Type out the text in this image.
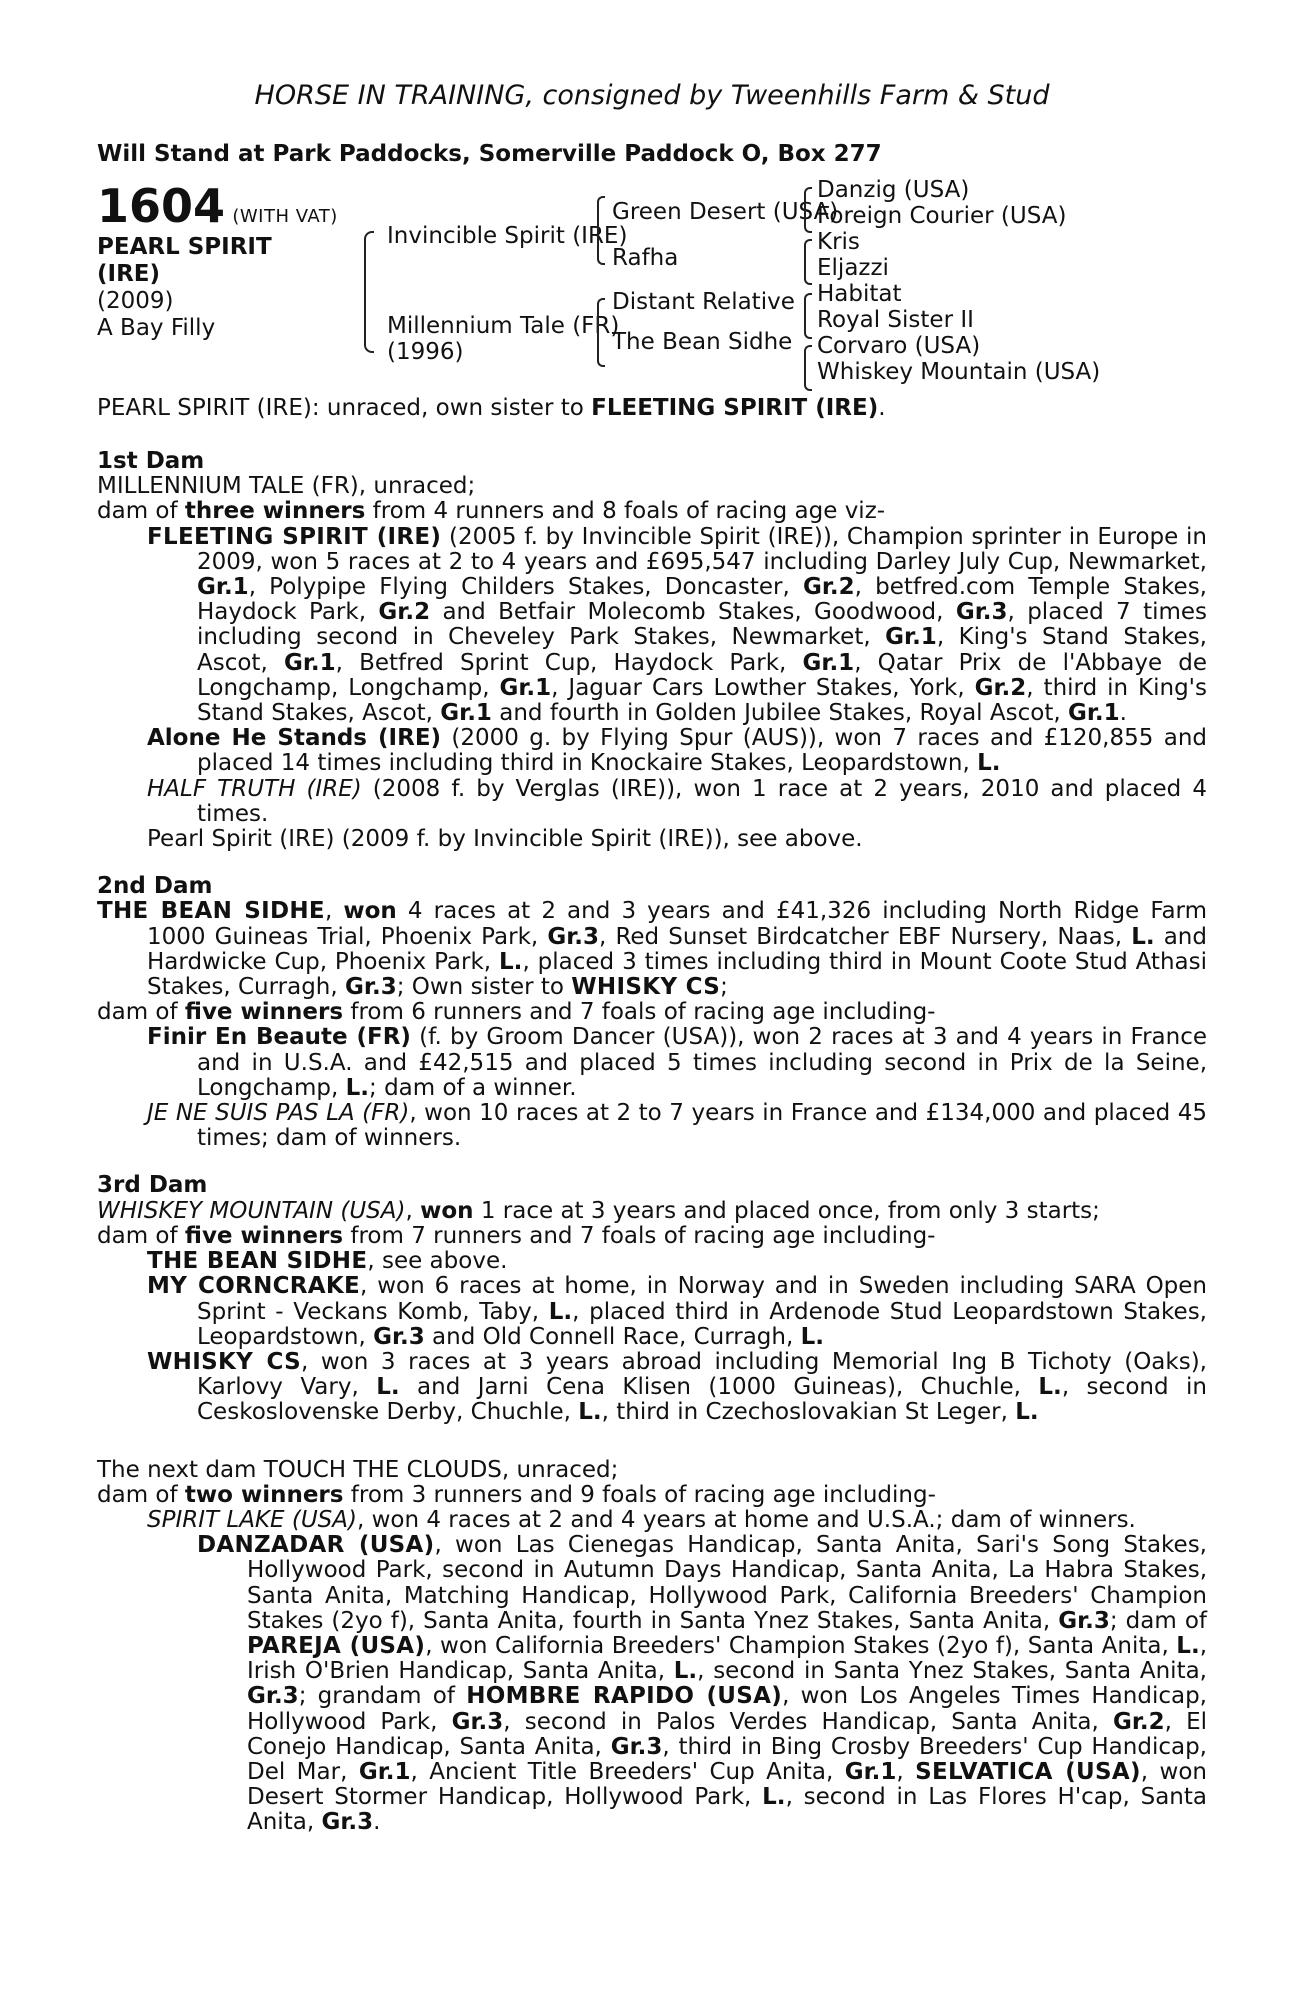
HORSE IN TRAINING, consigned by Tweenhills Farm & Stud
Will Stand at Park Paddocks, Somerville Paddock O, Box 277
1604 (WITH VAT)
PEARL SPIRIT
(IRE)
(2009)
A Bay Filly
Invincible Spirit (IRE)
Millennium Tale (FR)
(1996)
Green Desert (USA)
Rafha
Distant Relative
The Bean Sidhe
Danzig (USA)
Foreign Courier (USA)
Kris
Eljazzi
Habitat
Royal Sister II
Corvaro (USA)
Whiskey Mountain (USA)
PEARL SPIRIT (IRE): unraced, own sister to FLEETING SPIRIT (IRE).
1st Dam

MILLENNIUM TALE (FR), unraced;

dam of three winners from 4 runners and 8 foals of racing age viz-

FLEETING SPIRIT (IRE) (2005 f. by Invincible Spirit (IRE)), Champion sprinter in Europe in 2009, won 5 races at 2 to 4 years and £695,547 including Darley July Cup, Newmarket, Gr.1, Polypipe Flying Childers Stakes, Doncaster, Gr.2, betfred.com Temple Stakes, Haydock Park, Gr.2 and Betfair Molecomb Stakes, Goodwood, Gr.3, placed 7 times including second in Cheveley Park Stakes, Newmarket, Gr.1, King's Stand Stakes, Ascot, Gr.1, Betfred Sprint Cup, Haydock Park, Gr.1, Qatar Prix de l'Abbaye de Longchamp, Longchamp, Gr.1, Jaguar Cars Lowther Stakes, York, Gr.2, third in King's Stand Stakes, Ascot, Gr.1 and fourth in Golden Jubilee Stakes, Royal Ascot, Gr.1.

Alone He Stands (IRE) (2000 g. by Flying Spur (AUS)), won 7 races and £120,855 and placed 14 times including third in Knockaire Stakes, Leopardstown, L.

HALF TRUTH (IRE) (2008 f. by Verglas (IRE)), won 1 race at 2 years, 2010 and placed 4 times.

Pearl Spirit (IRE) (2009 f. by Invincible Spirit (IRE)), see above.

2nd Dam

THE BEAN SIDHE, won 4 races at 2 and 3 years and £41,326 including North Ridge Farm 1000 Guineas Trial, Phoenix Park, Gr.3, Red Sunset Birdcatcher EBF Nursery, Naas, L. and Hardwicke Cup, Phoenix Park, L., placed 3 times including third in Mount Coote Stud Athasi Stakes, Curragh, Gr.3; Own sister to WHISKY CS;

dam of five winners from 6 runners and 7 foals of racing age including-

Finir En Beaute (FR) (f. by Groom Dancer (USA)), won 2 races at 3 and 4 years in France and in U.S.A. and £42,515 and placed 5 times including second in Prix de la Seine, Longchamp, L.; dam of a winner.

JE NE SUIS PAS LA (FR), won 10 races at 2 to 7 years in France and £134,000 and placed 45 times; dam of winners.

3rd Dam

WHISKEY MOUNTAIN (USA), won 1 race at 3 years and placed once, from only 3 starts;

dam of five winners from 7 runners and 7 foals of racing age including-

THE BEAN SIDHE, see above.

MY CORNCRAKE, won 6 races at home, in Norway and in Sweden including SARA Open Sprint - Veckans Komb, Taby, L., placed third in Ardenode Stud Leopardstown Stakes, Leopardstown, Gr.3 and Old Connell Race, Curragh, L.

WHISKY CS, won 3 races at 3 years abroad including Memorial Ing B Tichoty (Oaks), Karlovy Vary, L. and Jarni Cena Klisen (1000 Guineas), Chuchle, L., second in Ceskoslovenske Derby, Chuchle, L., third in Czechoslovakian St Leger, L.

The next dam TOUCH THE CLOUDS, unraced;

dam of two winners from 3 runners and 9 foals of racing age including-

SPIRIT LAKE (USA), won 4 races at 2 and 4 years at home and U.S.A.; dam of winners.

DANZADAR (USA), won Las Cienegas Handicap, Santa Anita, Sari's Song Stakes, Hollywood Park, second in Autumn Days Handicap, Santa Anita, La Habra Stakes, Santa Anita, Matching Handicap, Hollywood Park, California Breeders' Champion Stakes (2yo f), Santa Anita, fourth in Santa Ynez Stakes, Santa Anita, Gr.3; dam of PAREJA (USA), won California Breeders' Champion Stakes (2yo f), Santa Anita, L., Irish O'Brien Handicap, Santa Anita, L., second in Santa Ynez Stakes, Santa Anita, Gr.3; grandam of HOMBRE RAPIDO (USA), won Los Angeles Times Handicap, Hollywood Park, Gr.3, second in Palos Verdes Handicap, Santa Anita, Gr.2, El Conejo Handicap, Santa Anita, Gr.3, third in Bing Crosby Breeders' Cup Handicap, Del Mar, Gr.1, Ancient Title Breeders' Cup Anita, Gr.1, SELVATICA (USA), won Desert Stormer Handicap, Hollywood Park, L., second in Las Flores H'cap, Santa Anita, Gr.3.
